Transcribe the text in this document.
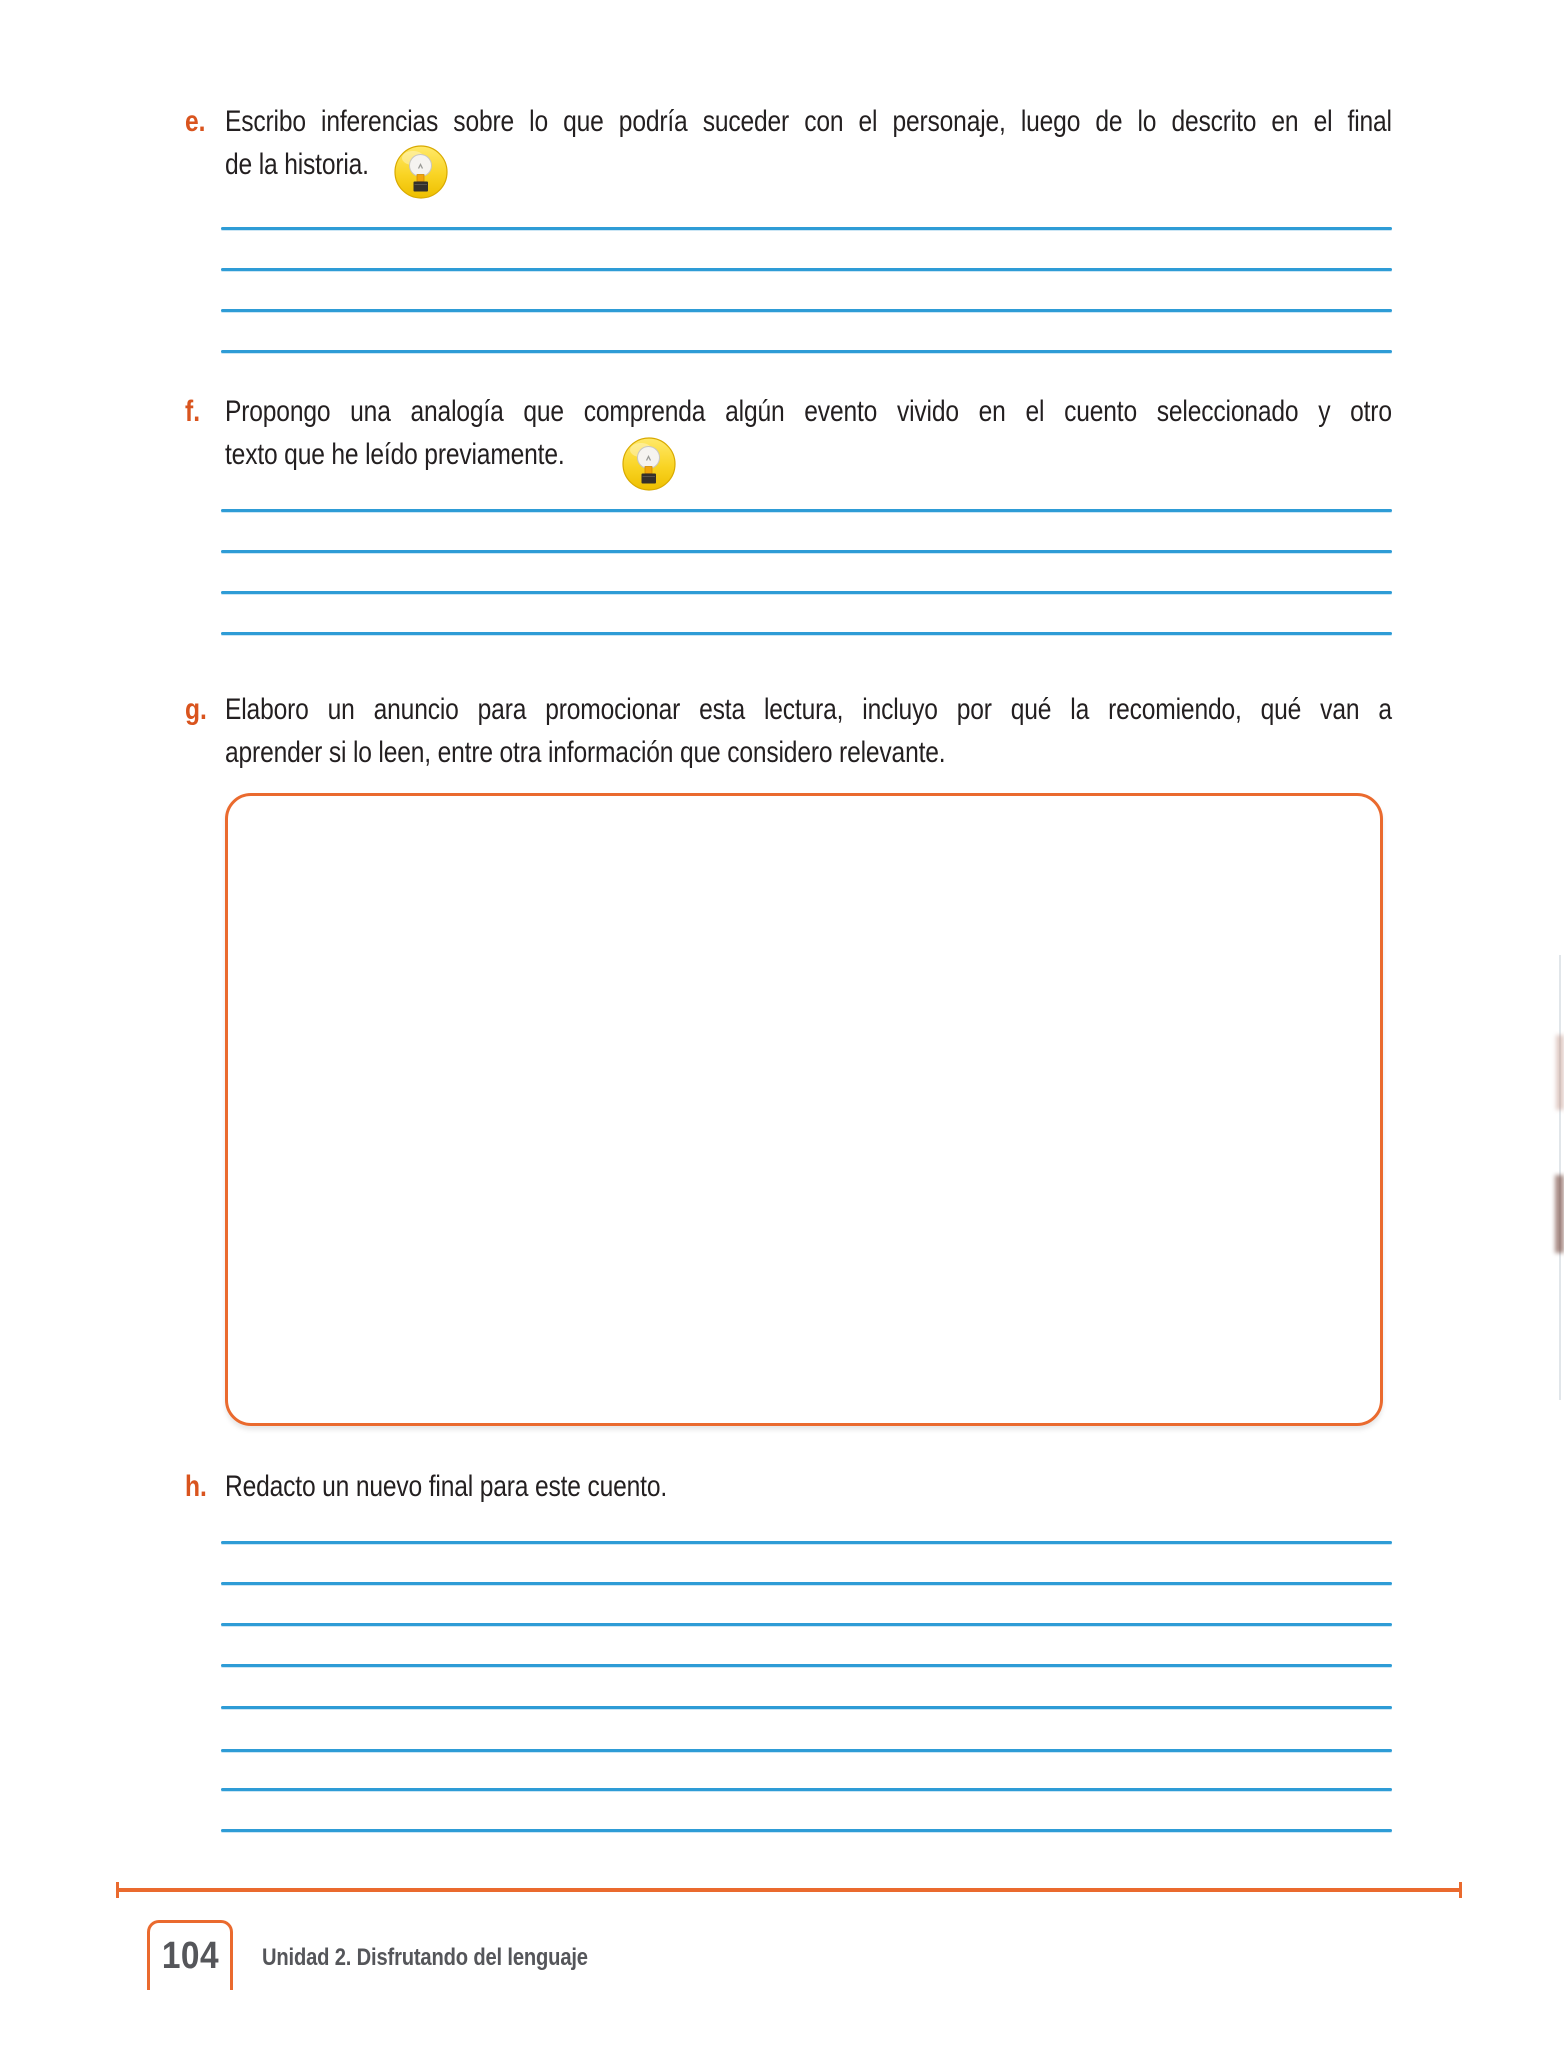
e. Escribo inferencias sobre lo que podría suceder con el personaje, luego de lo descrito en el final
de la historia.
f. Propongo una analogía que comprenda algún evento vivido en el cuento seleccionado y otro
texto que he leído previamente.
g. Elaboro un anuncio para promocionar esta lectura, incluyo por qué la recomiendo, qué van a
aprender si lo leen, entre otra información que considero relevante.
h. Redacto un nuevo final para este cuento.
104 Unidad 2. Disfrutando del lenguaje
